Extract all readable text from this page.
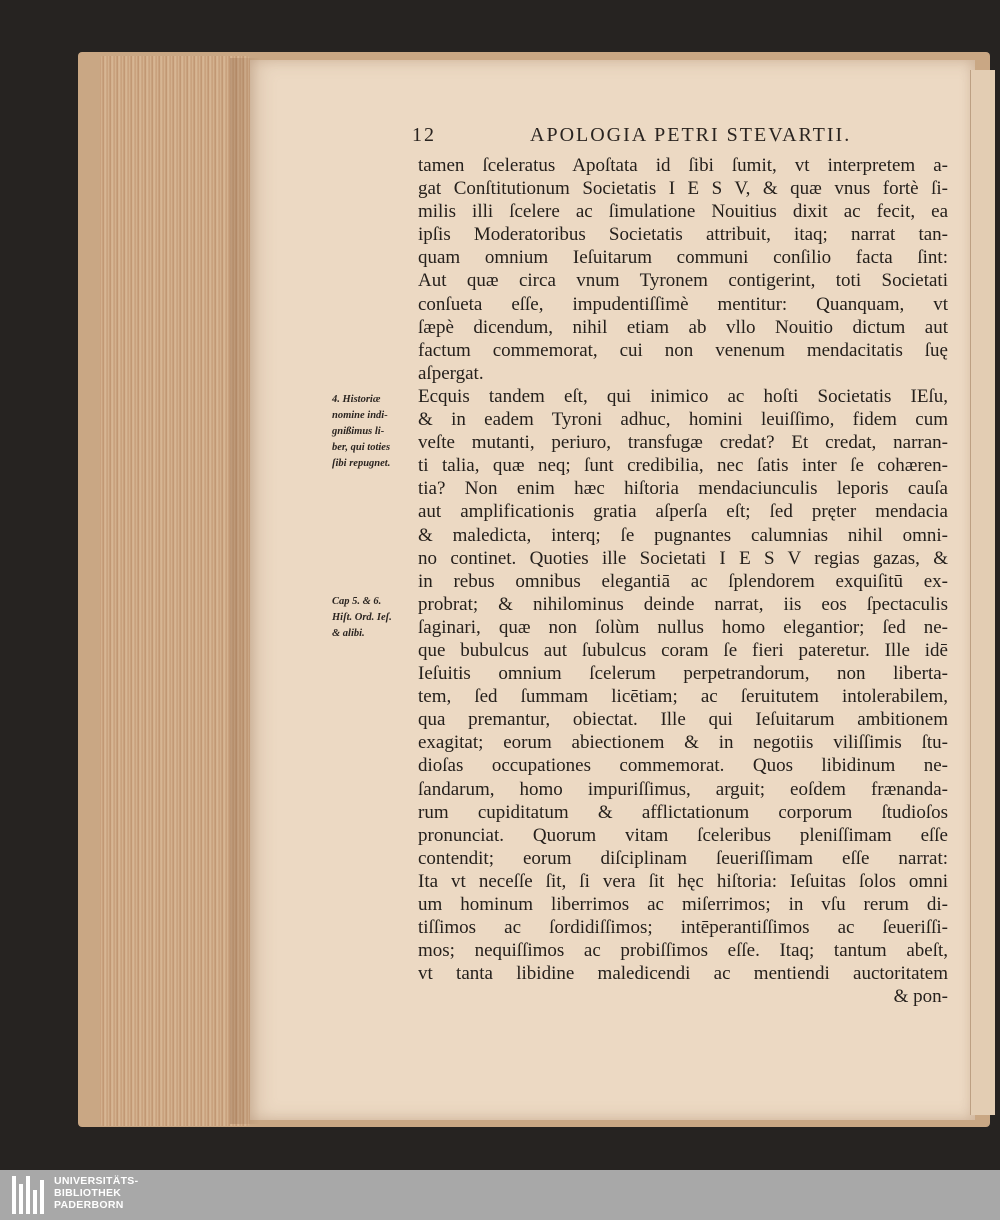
12	APOLOGIA PETRI STEVARTII.
4. Historiæ
nomine indi-
gnißimus li-
ber, qui toties
ſibi repugnet.
Cap 5. & 6.
Hiſt. Ord. Ieſ.
& alibi.
tamen ſceleratus Apoſtata id ſibi ſumit, vt interpretem a-
gat Conſtitutionum Societatis I E S V, & quæ vnus fortè ſi-
milis illi ſcelere ac ſimulatione Nouitius dixit ac fecit, ea
ipſis Moderatoribus Societatis attribuit, itaq; narrat tan-
quam omnium Ieſuitarum communi conſilio facta ſint:
Aut quæ circa vnum Tyronem contigerint, toti Societati
conſueta eſſe, impudentiſſimè mentitur: Quanquam, vt
ſæpè dicendum, nihil etiam ab vllo Nouitio dictum aut
factum commemorat, cui non venenum mendacitatis ſuę
aſpergat.
Ecquis tandem eſt, qui inimico ac hoſti Societatis IEſu,
& in eadem Tyroni adhuc, homini leuiſſimo, fidem cum
veſte mutanti, periuro, transfugæ credat? Et credat, narran-
ti talia, quæ neq; ſunt credibilia, nec ſatis inter ſe cohæren-
tia? Non enim hæc hiſtoria mendaciunculis leporis cauſa
aut amplificationis gratia aſperſa eſt; ſed pręter mendacia
& maledicta, interq; ſe pugnantes calumnias nihil omni-
no continet. Quoties ille Societati I E S V regias gazas, &
in rebus omnibus elegantiā ac ſplendorem exquiſitū ex-
probrat; & nihilominus deinde narrat, iis eos ſpectaculis
ſaginari, quæ non ſolùm nullus homo elegantior; ſed ne-
que bubulcus aut ſubulcus coram ſe fieri pateretur. Ille idē
Ieſuitis omnium ſcelerum perpetrandorum, non liberta-
tem, ſed ſummam licētiam; ac ſeruitutem intolerabilem,
qua premantur, obiectat. Ille qui Ieſuitarum ambitionem
exagitat; eorum abiectionem & in negotiis viliſſimis ſtu-
dioſas occupationes commemorat. Quos libidinum ne-
ſandarum, homo impuriſſimus, arguit; eoſdem frænanda-
rum cupiditatum & afflictationum corporum ſtudioſos
pronunciat. Quorum vitam ſceleribus pleniſſimam eſſe
contendit; eorum diſciplinam ſeueriſſimam eſſe narrat:
Ita vt neceſſe ſit, ſi vera ſit hęc hiſtoria: Ieſuitas ſolos omni
um hominum liberrimos ac miſerrimos; in vſu rerum di-
tiſſimos ac ſordidiſſimos; intēperantiſſimos ac ſeueriſſi-
mos; nequiſſimos ac probiſſimos eſſe. Itaq; tantum abeſt,
vt tanta libidine maledicendi ac mentiendi auctoritatem
& pon-
UNIVERSITÄTS-
BIBLIOTHEK
PADERBORN
